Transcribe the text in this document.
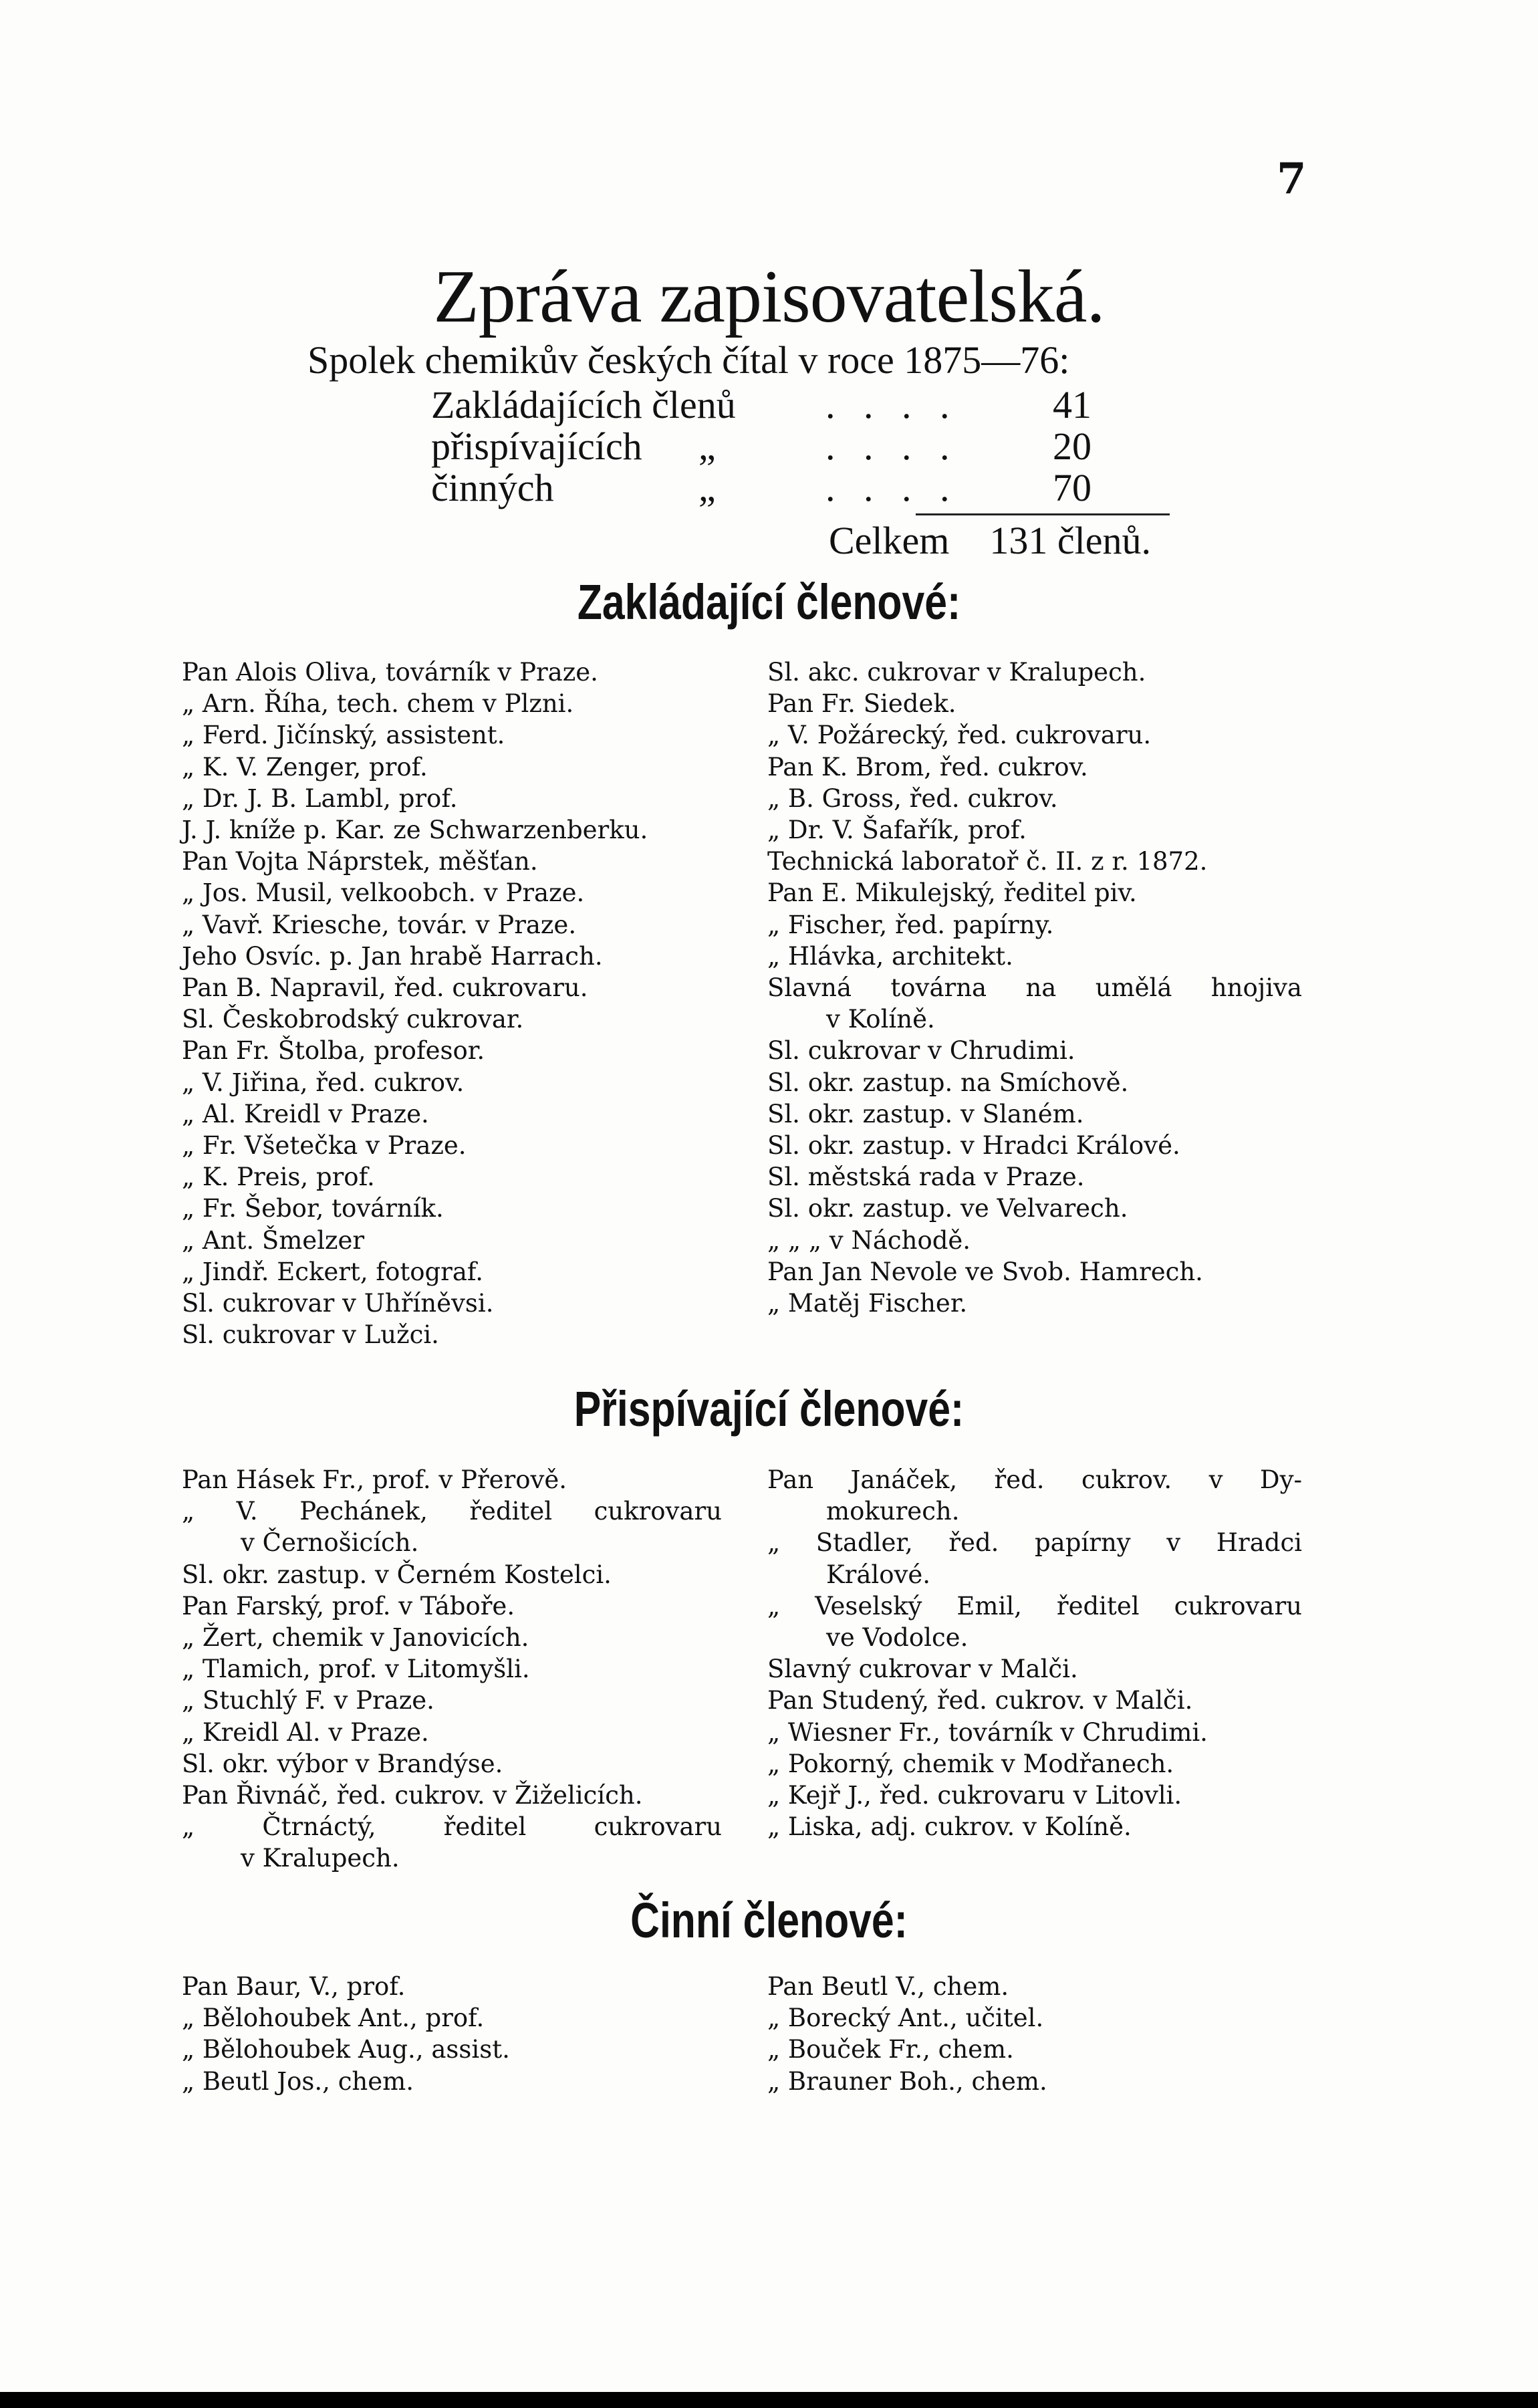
7
Zpráva zapisovatelská.
Spolek chemikův českých čítal v roce 1875—76:
Zakládajících členů . . . .	41
přispívajících „	. . . .	20
činných	„	. . . .	70
Celkem 131 členů.
Zakládající členové:
Pan Alois Oliva, továrník v Praze.
„ Arn. Říha, tech. chem v Plzni.
„ Ferd. Jičínský, assistent.
„ K. V. Zenger, prof.
„ Dr. J. B. Lambl, prof.
J. J. kníže p. Kar. ze Schwarzenberku.
Pan Vojta Náprstek, měšťan.
„ Jos. Musil, velkoobch. v Praze.
„ Vavř. Kriesche, továr. v Praze.
Jeho Osvíc. p. Jan hrabě Harrach.
Pan B. Napravil, řed. cukrovaru.
Sl. Českobrodský cukrovar.
Pan Fr. Štolba, profesor.
„ V. Jiřina, řed. cukrov.
„ Al. Kreidl v Praze.
„ Fr. Všetečka v Praze.
„ K. Preis, prof.
„ Fr. Šebor, továrník.
„ Ant. Šmelzer
„ Jindř. Eckert, fotograf.
Sl. cukrovar v Uhříněvsi.
Sl. cukrovar v Lužci.
Sl. akc. cukrovar v Kralupech.
Pan Fr. Siedek.
„ V. Požárecký, řed. cukrovaru.
Pan K. Brom, řed. cukrov.
„ B. Gross, řed. cukrov.
„ Dr. V. Šafařík, prof.
Technická laboratoř č. II. z r. 1872.
Pan E. Mikulejský, ředitel piv.
„ Fischer, řed. papírny.
„ Hlávka, architekt.
Slavná továrna na umělá hnojiva
v Kolíně.
Sl. cukrovar v Chrudimi.
Sl. okr. zastup. na Smíchově.
Sl. okr. zastup. v Slaném.
Sl. okr. zastup. v Hradci Králové.
Sl. městská rada v Praze.
Sl. okr. zastup. ve Velvarech.
„ „ „ v Náchodě.
Pan Jan Nevole ve Svob. Hamrech.
„ Matěj Fischer.
Přispívající členové:
Pan Hásek Fr., prof. v Přerově.
„ V. Pechánek, ředitel cukrovaru
v Černošicích.
Sl. okr. zastup. v Černém Kostelci.
Pan Farský, prof. v Táboře.
„ Žert, chemik v Janovicích.
„ Tlamich, prof. v Litomyšli.
„ Stuchlý F. v Praze.
„ Kreidl Al. v Praze.
Sl. okr. výbor v Brandýse.
Pan Řivnáč, řed. cukrov. v Žiželicích.
„ Čtrnáctý, ředitel cukrovaru
v Kralupech.
Pan Janáček, řed. cukrov. v Dy-
mokurech.
„ Stadler, řed. papírny v Hradci
Králové.
„ Veselský Emil, ředitel cukrovaru
ve Vodolce.
Slavný cukrovar v Malči.
Pan Studený, řed. cukrov. v Malči.
„ Wiesner Fr., továrník v Chrudimi.
„ Pokorný, chemik v Modřanech.
„ Kejř J., řed. cukrovaru v Litovli.
„ Liska, adj. cukrov. v Kolíně.
Činní členové:
Pan Baur, V., prof.
„ Bělohoubek Ant., prof.
„ Bělohoubek Aug., assist.
„ Beutl Jos., chem.
Pan Beutl V., chem.
„ Borecký Ant., učitel.
„ Bouček Fr., chem.
„ Brauner Boh., chem.
